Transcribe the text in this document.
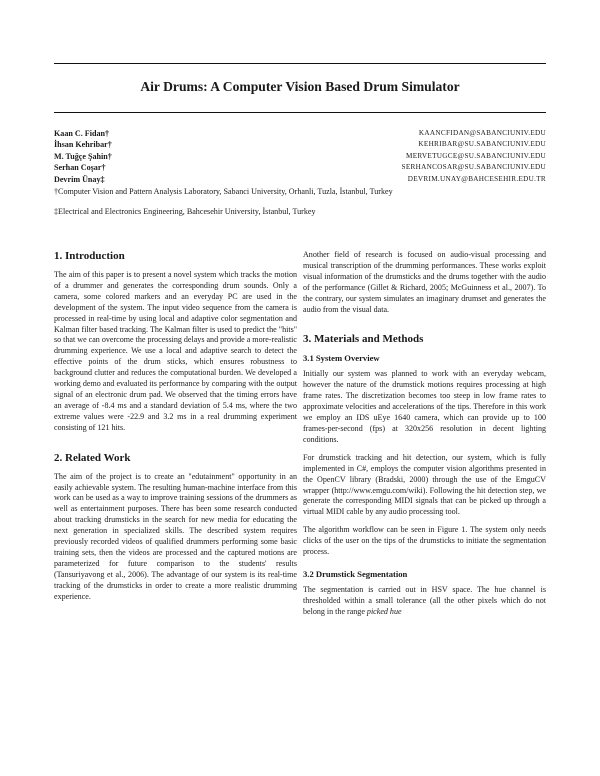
Air Drums: A Computer Vision Based Drum Simulator
Kaan C. Fidan†	KAANCFIDAN@SABANCIUNIV.EDU
İhsan Kehribar†	KEHRIBAR@SU.SABANCIUNIV.EDU
M. Tuğçe Şahin†	MERVETUGCE@SU.SABANCIUNIV.EDU
Serhan Coşar†	SERHANCOSAR@SU.SABANCIUNIV.EDU
Devrim Ünay‡	DEVRIM.UNAY@BAHCESEHIR.EDU.TR
†Computer Vision and Pattern Analysis Laboratory, Sabanci University, Orhanli, Tuzla, İstanbul, Turkey
‡Electrical and Electronics Engineering, Bahcesehir University, İstanbul, Turkey
1. Introduction

The aim of this paper is to present a novel system which tracks the motion of a drummer and generates the corresponding drum sounds. Only a camera, some colored markers and an everyday PC are used in the development of the system. The input video sequence from the camera is processed in real-time by using local and adaptive color segmentation and Kalman filter based tracking. The Kalman filter is used to predict the "hits" so that we can overcome the processing delays and provide a more-realistic drumming experience. We use a local and adaptive search to detect the effective points of the drum sticks, which ensures robustness to background clutter and reduces the computational burden. We developed a working demo and evaluated its performance by comparing with the output signal of an electronic drum pad. We observed that the timing errors have an average of -8.4 ms and a standard deviation of 5.4 ms, where the two extreme values were -22.9 and 3.2 ms in a real drumming experiment consisting of 121 hits.

2. Related Work

The aim of the project is to create an "edutainment" opportunity in an easily achievable system. The resulting human-machine interface from this work can be used as a way to improve training sessions of the drummers as well as entertainment purposes. There has been some research conducted about tracking drumsticks in the search for new media for educating the next generation in specialized skills. The described system requires previously recorded videos of qualified drummers performing some basic training sets, then the videos are processed and the captured motions are parameterized for future comparison to the students' results (Tansuriyavong et al., 2006). The advantage of our system is its real-time tracking of the drumsticks in order to create a more realistic drumming experience.

Another field of research is focused on audio-visual processing and musical transcription of the drumming performances. These works exploit visual information of the drumsticks and the drums together with the audio of the performance (Gillet & Richard, 2005; McGuinness et al., 2007). To the contrary, our system simulates an imaginary drumset and generates the audio from the visual data.

3. Materials and Methods
3.1 System Overview

Initially our system was planned to work with an everyday webcam, however the nature of the drumstick motions requires processing at high frame rates. The discretization becomes too steep in low frame rates to approximate velocities and accelerations of the tips. Therefore in this work we employ an IDS uEye 1640 camera, which can provide up to 100 frames-per-second (fps) at 320x256 resolution in decent lighting conditions.

For drumstick tracking and hit detection, our system, which is fully implemented in C#, employs the computer vision algorithms presented in the OpenCV library (Bradski, 2000) through the use of the EmguCV wrapper (http://www.emgu.com/wiki). Following the hit detection step, we generate the corresponding MIDI signals that can be picked up through a virtual MIDI cable by any audio processing tool.

The algorithm workflow can be seen in Figure 1. The system only needs clicks of the user on the tips of the drumsticks to initiate the segmentation process.

3.2 Drumstick Segmentation

The segmentation is carried out in HSV space. The hue channel is thresholded within a small tolerance (all the other pixels which do not belong in the range picked hue
